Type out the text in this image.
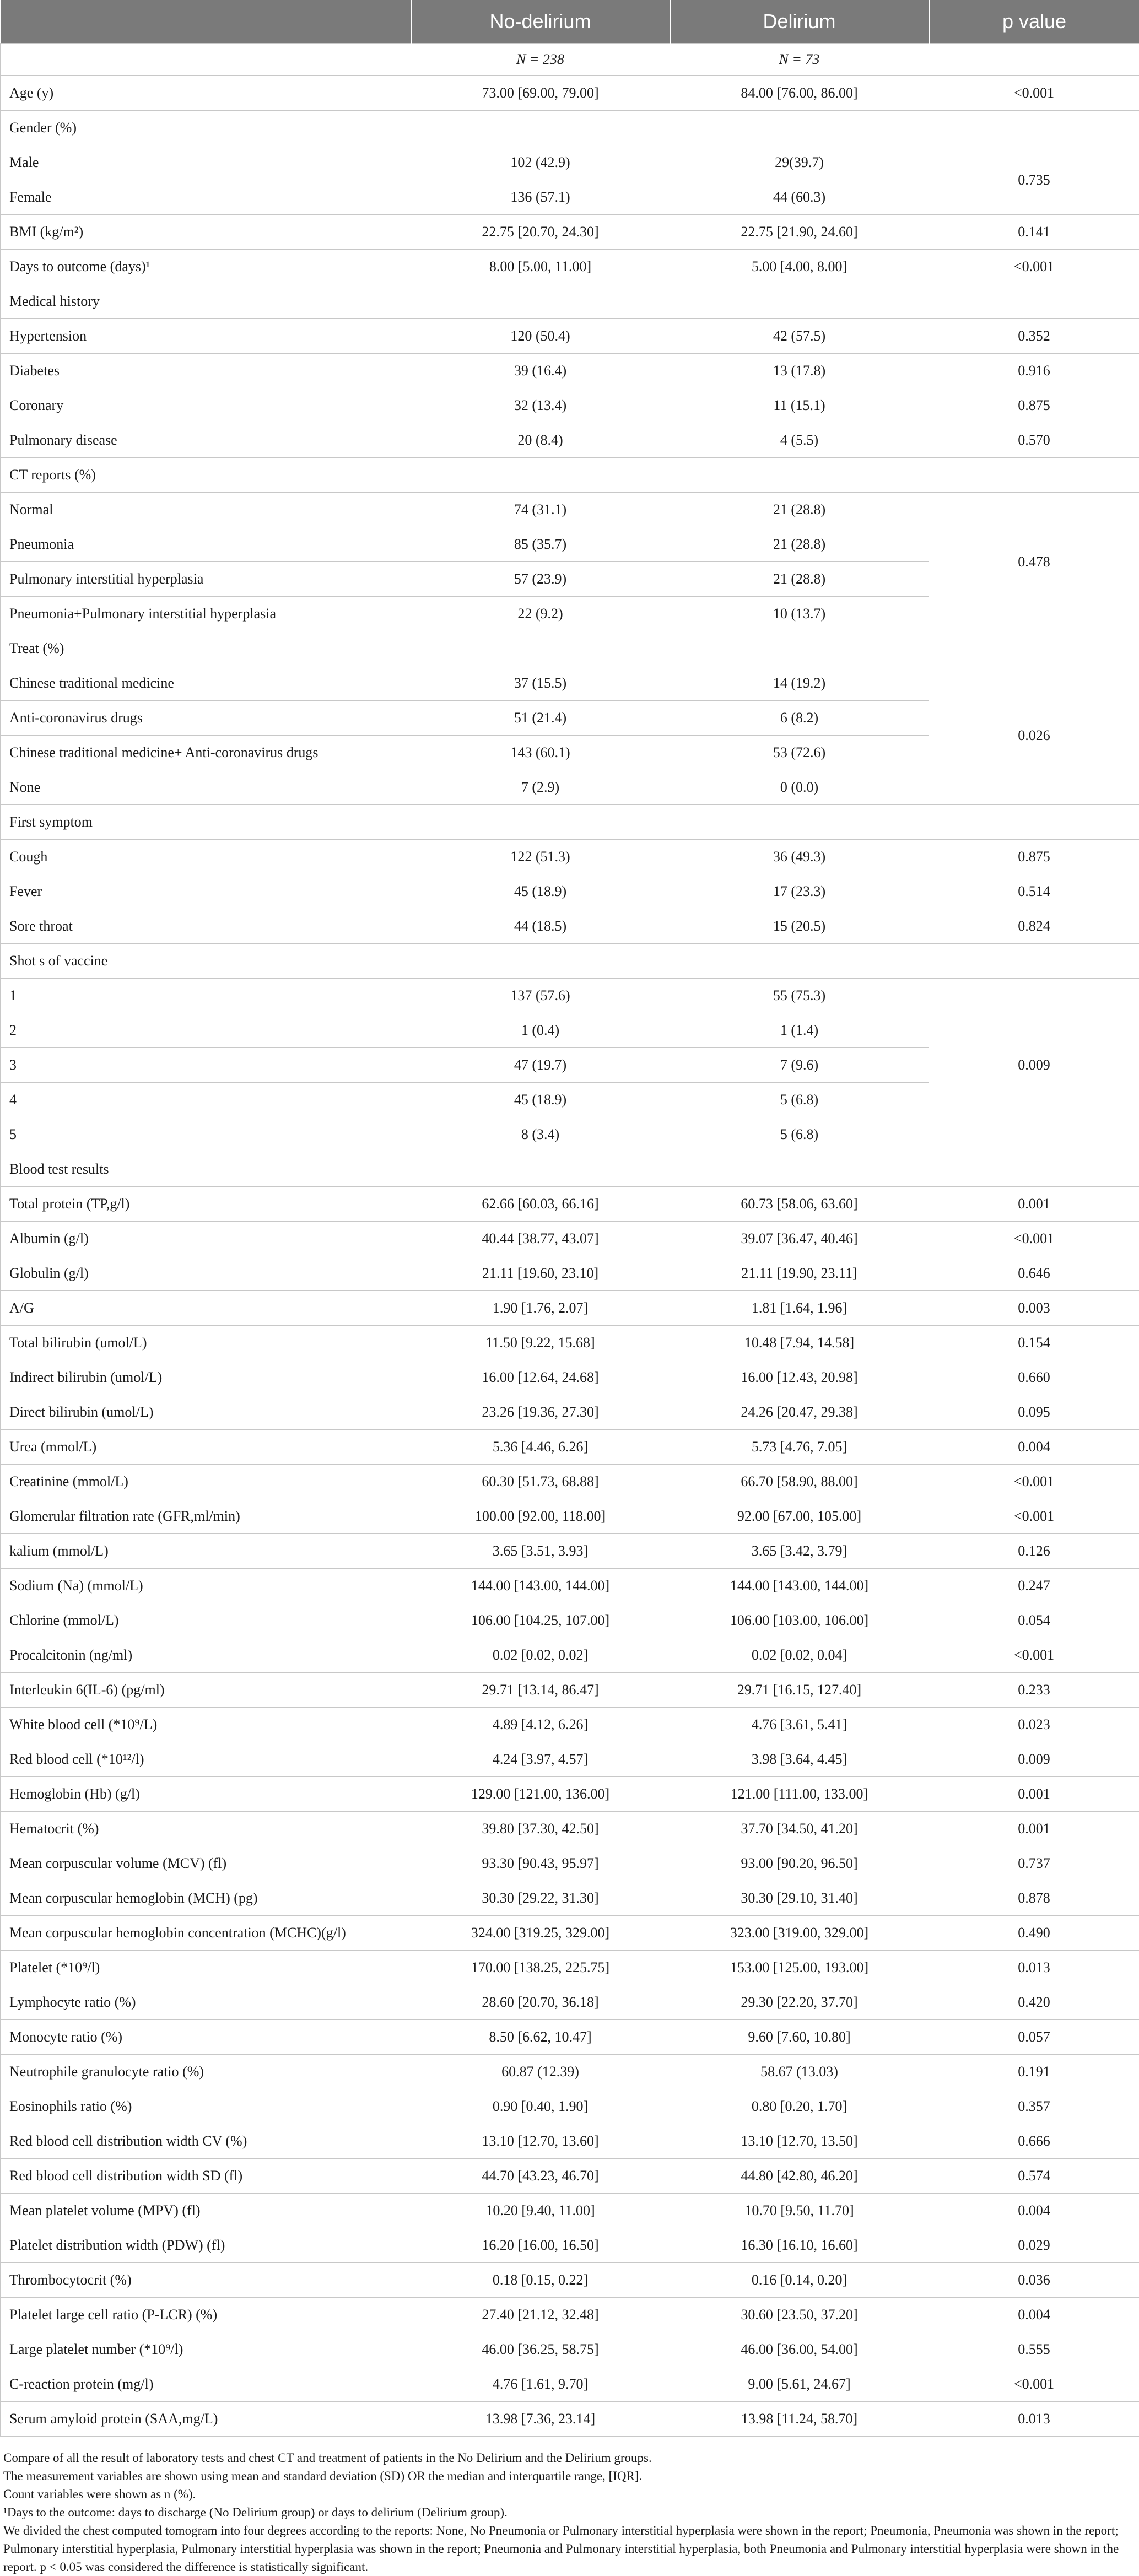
	No-delirium	Delirium	p value
	N = 238	N = 73	
Age (y)	73.00 [69.00, 79.00]	84.00 [76.00, 86.00]	<0.001
Gender (%)			
Male	102 (42.9)	29(39.7)	0.735
Female	136 (57.1)	44 (60.3)	
BMI (kg/m²)	22.75 [20.70, 24.30]	22.75 [21.90, 24.60]	0.141
Days to outcome (days)¹	8.00 [5.00, 11.00]	5.00 [4.00, 8.00]	<0.001
Medical history			
Hypertension	120 (50.4)	42 (57.5)	0.352
Diabetes	39 (16.4)	13 (17.8)	0.916
Coronary	32 (13.4)	11 (15.1)	0.875
Pulmonary disease	20 (8.4)	4 (5.5)	0.570
CT reports (%)			
Normal	74 (31.1)	21 (28.8)	0.478
Pneumonia	85 (35.7)	21 (28.8)	
Pulmonary interstitial hyperplasia	57 (23.9)	21 (28.8)	
Pneumonia+Pulmonary interstitial hyperplasia	22 (9.2)	10 (13.7)	
Treat (%)			
Chinese traditional medicine	37 (15.5)	14 (19.2)	0.026
Anti-coronavirus drugs	51 (21.4)	6 (8.2)	
Chinese traditional medicine+ Anti-coronavirus drugs	143 (60.1)	53 (72.6)	
None	7 (2.9)	0 (0.0)	
First symptom			
Cough	122 (51.3)	36 (49.3)	0.875
Fever	45 (18.9)	17 (23.3)	0.514
Sore throat	44 (18.5)	15 (20.5)	0.824
Shot s of vaccine			
1	137 (57.6)	55 (75.3)	0.009
2	1 (0.4)	1 (1.4)	
3	47 (19.7)	7 (9.6)	
4	45 (18.9)	5 (6.8)	
5	8 (3.4)	5 (6.8)	
Blood test results			
Total protein (TP,g/l)	62.66 [60.03, 66.16]	60.73 [58.06, 63.60]	0.001
Albumin (g/l)	40.44 [38.77, 43.07]	39.07 [36.47, 40.46]	<0.001
Globulin (g/l)	21.11 [19.60, 23.10]	21.11 [19.90, 23.11]	0.646
A/G	1.90 [1.76, 2.07]	1.81 [1.64, 1.96]	0.003
Total bilirubin (umol/L)	11.50 [9.22, 15.68]	10.48 [7.94, 14.58]	0.154
Indirect bilirubin (umol/L)	16.00 [12.64, 24.68]	16.00 [12.43, 20.98]	0.660
Direct bilirubin (umol/L)	23.26 [19.36, 27.30]	24.26 [20.47, 29.38]	0.095
Urea (mmol/L)	5.36 [4.46, 6.26]	5.73 [4.76, 7.05]	0.004
Creatinine (mmol/L)	60.30 [51.73, 68.88]	66.70 [58.90, 88.00]	<0.001
Glomerular filtration rate (GFR,ml/min)	100.00 [92.00, 118.00]	92.00 [67.00, 105.00]	<0.001
kalium (mmol/L)	3.65 [3.51, 3.93]	3.65 [3.42, 3.79]	0.126
Sodium (Na) (mmol/L)	144.00 [143.00, 144.00]	144.00 [143.00, 144.00]	0.247
Chlorine (mmol/L)	106.00 [104.25, 107.00]	106.00 [103.00, 106.00]	0.054
Procalcitonin (ng/ml)	0.02 [0.02, 0.02]	0.02 [0.02, 0.04]	<0.001
Interleukin 6(IL-6) (pg/ml)	29.71 [13.14, 86.47]	29.71 [16.15, 127.40]	0.233
White blood cell (*10⁹/L)	4.89 [4.12, 6.26]	4.76 [3.61, 5.41]	0.023
Red blood cell (*10¹²/l)	4.24 [3.97, 4.57]	3.98 [3.64, 4.45]	0.009
Hemoglobin (Hb) (g/l)	129.00 [121.00, 136.00]	121.00 [111.00, 133.00]	0.001
Hematocrit (%)	39.80 [37.30, 42.50]	37.70 [34.50, 41.20]	0.001
Mean corpuscular volume (MCV) (fl)	93.30 [90.43, 95.97]	93.00 [90.20, 96.50]	0.737
Mean corpuscular hemoglobin (MCH) (pg)	30.30 [29.22, 31.30]	30.30 [29.10, 31.40]	0.878
Mean corpuscular hemoglobin concentration (MCHC)(g/l)	324.00 [319.25, 329.00]	323.00 [319.00, 329.00]	0.490
Platelet (*10⁹/l)	170.00 [138.25, 225.75]	153.00 [125.00, 193.00]	0.013
Lymphocyte ratio (%)	28.60 [20.70, 36.18]	29.30 [22.20, 37.70]	0.420
Monocyte ratio (%)	8.50 [6.62, 10.47]	9.60 [7.60, 10.80]	0.057
Neutrophile granulocyte ratio (%)	60.87 (12.39)	58.67 (13.03)	0.191
Eosinophils ratio (%)	0.90 [0.40, 1.90]	0.80 [0.20, 1.70]	0.357
Red blood cell distribution width CV (%)	13.10 [12.70, 13.60]	13.10 [12.70, 13.50]	0.666
Red blood cell distribution width SD (fl)	44.70 [43.23, 46.70]	44.80 [42.80, 46.20]	0.574
Mean platelet volume (MPV) (fl)	10.20 [9.40, 11.00]	10.70 [9.50, 11.70]	0.004
Platelet distribution width (PDW) (fl)	16.20 [16.00, 16.50]	16.30 [16.10, 16.60]	0.029
Thrombocytocrit (%)	0.18 [0.15, 0.22]	0.16 [0.14, 0.20]	0.036
Platelet large cell ratio (P-LCR) (%)	27.40 [21.12, 32.48]	30.60 [23.50, 37.20]	0.004
Large platelet number (*10⁹/l)	46.00 [36.25, 58.75]	46.00 [36.00, 54.00]	0.555
C-reaction protein (mg/l)	4.76 [1.61, 9.70]	9.00 [5.61, 24.67]	<0.001
Serum amyloid protein (SAA,mg/L)	13.98 [7.36, 23.14]	13.98 [11.24, 58.70]	0.013

Compare of all the result of laboratory tests and chest CT and treatment of patients in the No Delirium and the Delirium groups.

The measurement variables are shown using mean and standard deviation (SD) OR the median and interquartile range, [IQR].

Count variables were shown as n (%).

¹Days to the outcome: days to discharge (No Delirium group) or days to delirium (Delirium group).

We divided the chest computed tomogram into four degrees according to the reports: None, No Pneumonia or Pulmonary interstitial hyperplasia were shown in the report; Pneumonia, Pneumonia was shown in the report; Pulmonary interstitial hyperplasia, Pulmonary interstitial hyperplasia was shown in the report; Pneumonia and Pulmonary interstitial hyperplasia, both Pneumonia and Pulmonary interstitial hyperplasia were shown in the report. p < 0.05 was considered the difference is statistically significant.
